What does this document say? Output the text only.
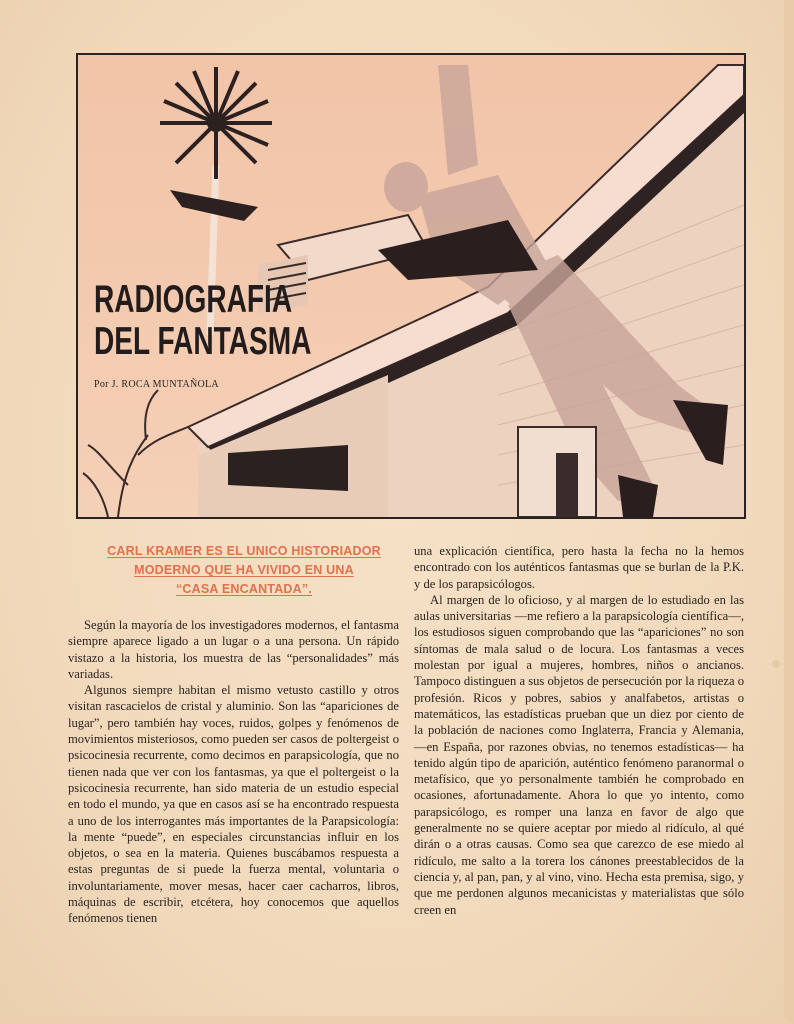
RADIOGRAFIA
DEL FANTASMA

Por J. ROCA MUNTAÑOLA

CARL KRAMER ES EL UNICO HISTORIADOR
MODERNO QUE HA VIVIDO EN UNA
“CASA ENCANTADA”.

Según la mayoría de los investigadores modernos, el fantasma siempre aparece ligado a un lugar o a una persona. Un rápido vistazo a la historia, los muestra de las “personalidades” más variadas.

Algunos siempre habitan el mismo vetusto castillo y otros visitan rascacielos de cristal y aluminio. Son las “apariciones de lugar”, pero también hay voces, ruidos, golpes y fenómenos de movimientos misteriosos, como pueden ser casos de poltergeist o psicocinesia recurrente, como decimos en parapsicología, que no tienen nada que ver con los fantasmas, ya que el poltergeist o la psicocinesia recurrente, han sido materia de un estudio especial en todo el mundo, ya que en casos así se ha encontrado respuesta a uno de los interrogantes más importantes de la Parapsicología: la mente “puede”, en especiales circunstancias influir en los objetos, o sea en la materia. Quienes buscábamos respuesta a estas preguntas de si puede la fuerza mental, voluntaria o involuntariamente, mover mesas, hacer caer cacharros, libros, máquinas de escribir, etcétera, hoy conocemos que aquellos fenómenos tienen

una explicación científica, pero hasta la fecha no la hemos encontrado con los auténticos fantasmas que se burlan de la P.K. y de los parapsicólogos.

Al margen de lo oficioso, y al margen de lo estudiado en las aulas universitarias —me refiero a la parapsicología científica—, los estudiosos siguen comprobando que las “apariciones” no son síntomas de mala salud o de locura. Los fantasmas a veces molestan por igual a mujeres, hombres, niños o ancianos. Tampoco distinguen a sus objetos de persecución por la riqueza o profesión. Ricos y pobres, sabios y analfabetos, artistas o matemáticos, las estadísticas prueban que un diez por ciento de la población de naciones como Inglaterra, Francia y Alemania, —en España, por razones obvias, no tenemos estadísticas— ha tenido algún tipo de aparición, auténtico fenómeno paranormal o metafísico, que yo personalmente también he comprobado en ocasiones, afortunadamente. Ahora lo que yo intento, como parapsicólogo, es romper una lanza en favor de algo que generalmente no se quiere aceptar por miedo al ridículo, al qué dirán o a otras causas. Como sea que carezco de ese miedo al ridículo, me salto a la torera los cánones preestablecidos de la ciencia y, al pan, pan, y al vino, vino. Hecha esta premisa, sigo, y que me perdonen algunos mecanicistas y materialistas que sólo creen en
